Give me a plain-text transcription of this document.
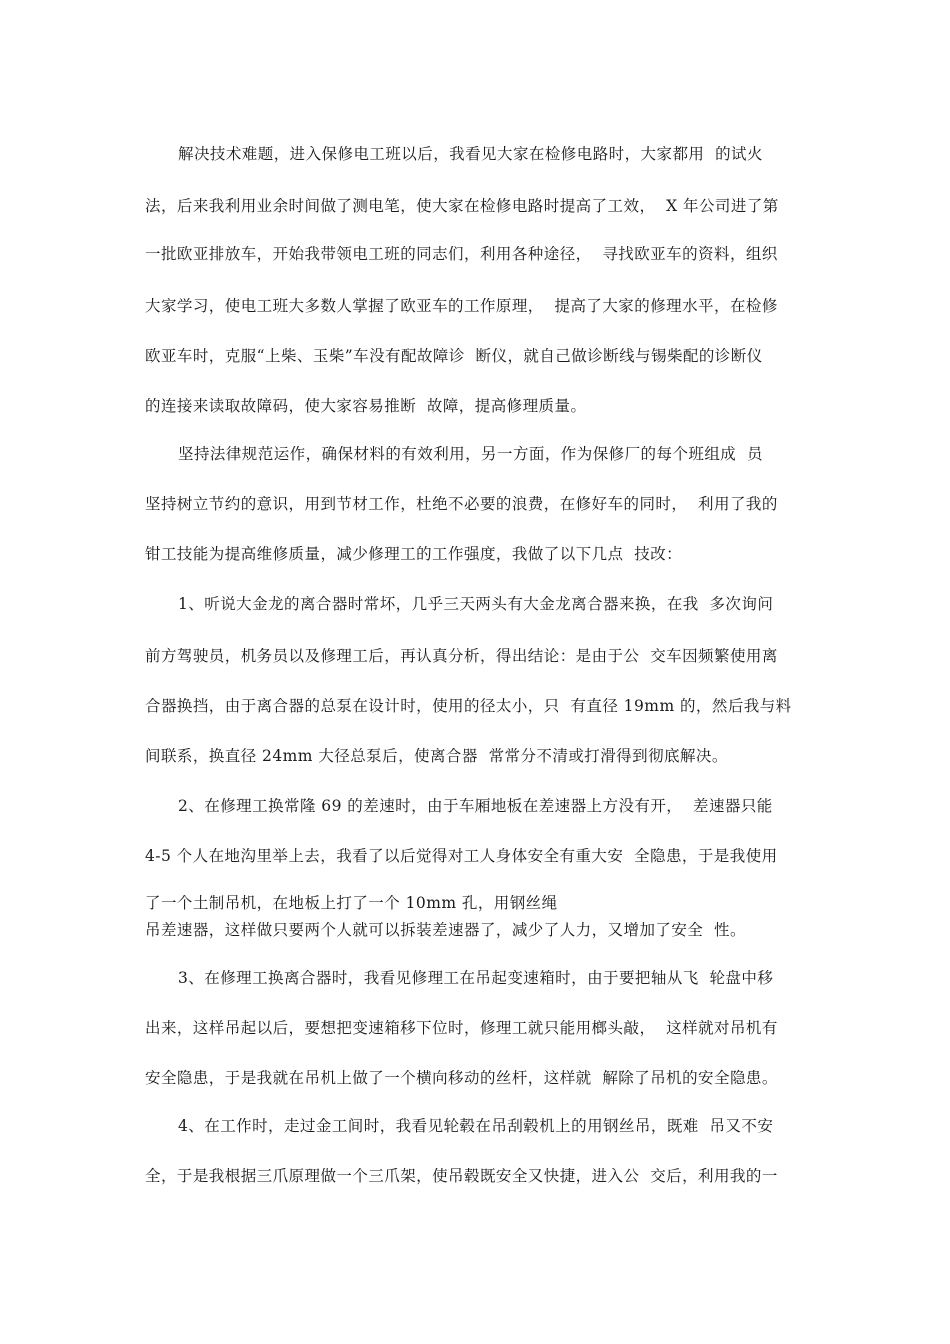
解决技术难题，进入保修电工班以后，我看见大家在检修电路时，大家都用  的试火
法，后来我利用业余时间做了测电笔，使大家在检修电路时提高了工效，  X 年公司进了第
一批欧亚排放车，开始我带领电工班的同志们，利用各种途径，  寻找欧亚车的资料，组织
大家学习，使电工班大多数人掌握了欧亚车的工作原理，  提高了大家的修理水平，在检修
欧亚车时，克服“上柴、玉柴”车没有配故障诊  断仪，就自己做诊断线与锡柴配的诊断仪
的连接来读取故障码，使大家容易推断  故障，提高修理质量。
坚持法律规范运作，确保材料的有效利用，另一方面，作为保修厂的每个班组成  员
坚持树立节约的意识，用到节材工作，杜绝不必要的浪费，在修好车的同时，  利用了我的
钳工技能为提高维修质量，减少修理工的工作强度，我做了以下几点  技改：
1、听说大金龙的离合器时常坏，几乎三天两头有大金龙离合器来换，在我  多次询问
前方驾驶员，机务员以及修理工后，再认真分析，得出结论：是由于公  交车因频繁使用离
合器换挡，由于离合器的总泵在设计时，使用的径太小，只  有直径 19mm 的，然后我与料
间联系，换直径 24mm 大径总泵后，使离合器  常常分不清或打滑得到彻底解决。
2、在修理工换常隆 69 的差速时，由于车厢地板在差速器上方没有开，  差速器只能
4-5 个人在地沟里举上去，我看了以后觉得对工人身体安全有重大安  全隐患，于是我使用
了一个土制吊机，在地板上打了一个 10mm 孔，用钢丝绳
吊差速器，这样做只要两个人就可以拆装差速器了，减少了人力，又增加了安全  性。
3、在修理工换离合器时，我看见修理工在吊起变速箱时，由于要把轴从飞  轮盘中移
出来，这样吊起以后，要想把变速箱移下位时，修理工就只能用榔头敲，  这样就对吊机有
安全隐患，于是我就在吊机上做了一个横向移动的丝杆，这样就  解除了吊机的安全隐患。
4、在工作时，走过金工间时，我看见轮毂在吊刮毂机上的用钢丝吊，既难  吊又不安
全，于是我根据三爪原理做一个三爪架，使吊毂既安全又快捷，进入公  交后，利用我的一
